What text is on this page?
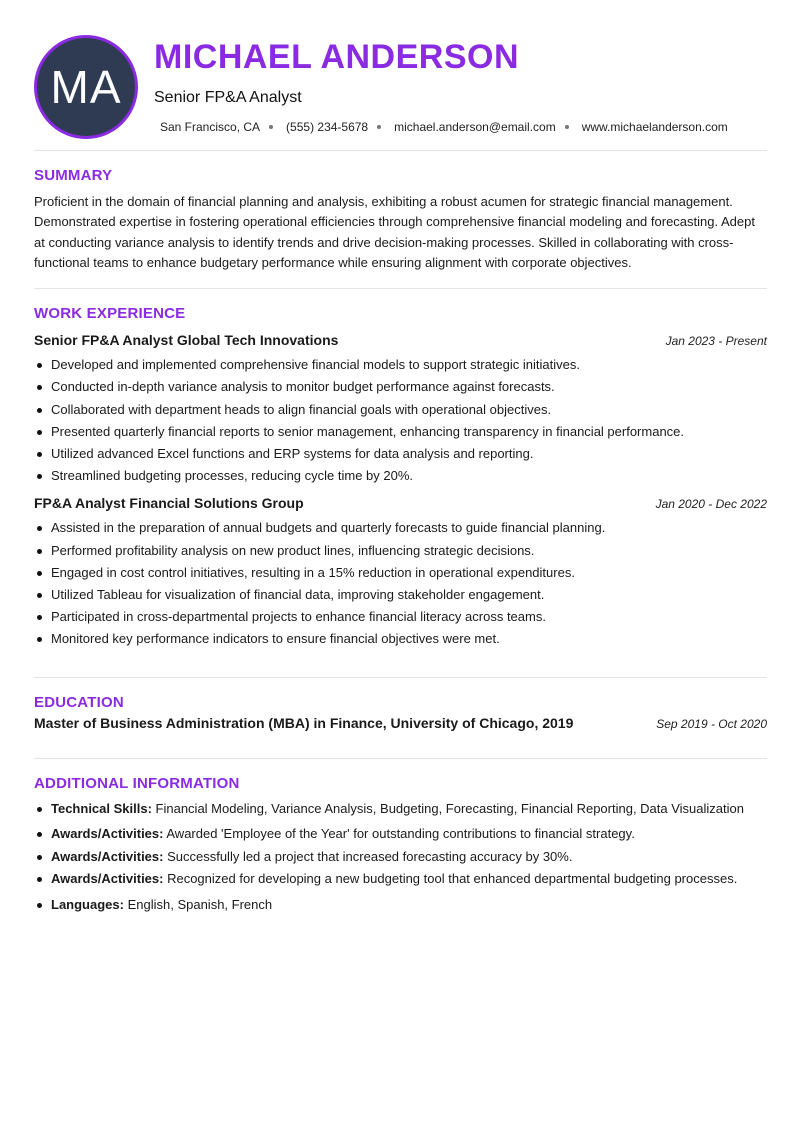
MA
MICHAEL ANDERSON
Senior FP&A Analyst
San Francisco, CA (555) 234-5678 michael.anderson@email.com www.michaelanderson.com
SUMMARY

Proficient in the domain of financial planning and analysis, exhibiting a robust acumen for strategic financial management. Demonstrated expertise in fostering operational efficiencies through comprehensive financial modeling and forecasting. Adept at conducting variance analysis to identify trends and drive decision-making processes. Skilled in collaborating with cross-functional teams to enhance budgetary performance while ensuring alignment with corporate objectives.

WORK EXPERIENCE
Senior FP&A Analyst Global Tech Innovations	Jan 2023 - Present
Developed and implemented comprehensive financial models to support strategic initiatives.
Conducted in-depth variance analysis to monitor budget performance against forecasts.
Collaborated with department heads to align financial goals with operational objectives.
Presented quarterly financial reports to senior management, enhancing transparency in financial performance.
Utilized advanced Excel functions and ERP systems for data analysis and reporting.
Streamlined budgeting processes, reducing cycle time by 20%.
FP&A Analyst Financial Solutions Group	Jan 2020 - Dec 2022
Assisted in the preparation of annual budgets and quarterly forecasts to guide financial planning.
Performed profitability analysis on new product lines, influencing strategic decisions.
Engaged in cost control initiatives, resulting in a 15% reduction in operational expenditures.
Utilized Tableau for visualization of financial data, improving stakeholder engagement.
Participated in cross-departmental projects to enhance financial literacy across teams.
Monitored key performance indicators to ensure financial objectives were met.
EDUCATION
Master of Business Administration (MBA) in Finance, University of Chicago, 2019	Sep 2019 - Oct 2020
ADDITIONAL INFORMATION
Technical Skills: Financial Modeling, Variance Analysis, Budgeting, Forecasting, Financial Reporting, Data Visualization
Awards/Activities: Awarded 'Employee of the Year' for outstanding contributions to financial strategy.
Awards/Activities: Successfully led a project that increased forecasting accuracy by 30%.
Awards/Activities: Recognized for developing a new budgeting tool that enhanced departmental budgeting processes.
Languages: English, Spanish, French
